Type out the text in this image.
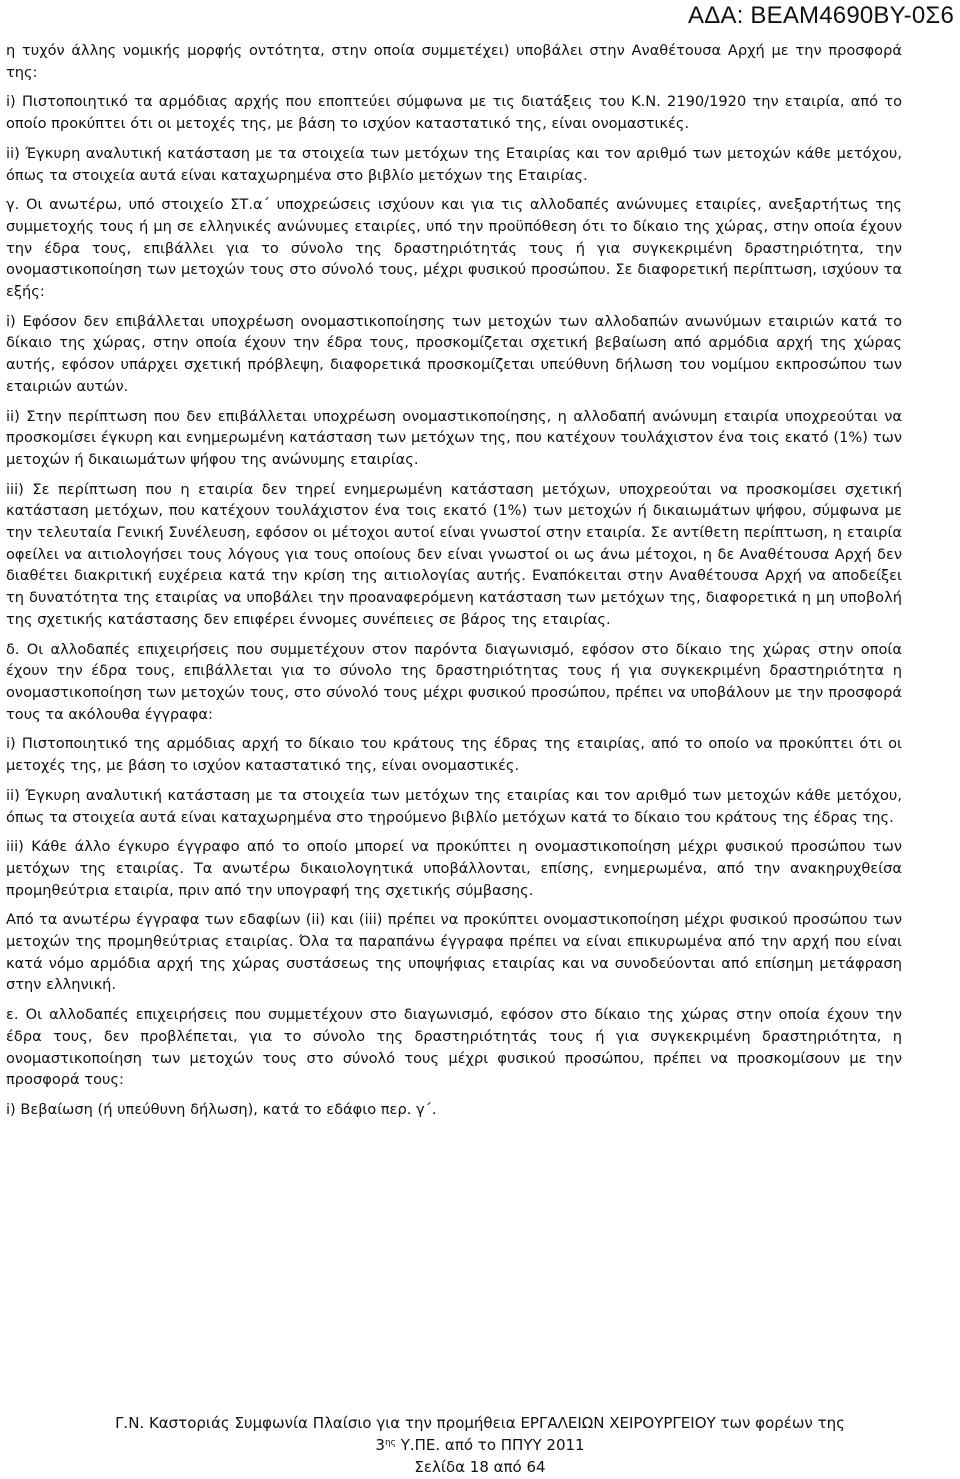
ΑΔΑ: ΒΕΑΜ4690ΒΥ-0Σ6

η τυχόν άλλης νομικής μορφής οντότητα, στην οποία συμμετέχει) υποβάλει στην Αναθέτουσα Αρχή με την προσφορά της:

i) Πιστοποιητικό τα αρμόδιας αρχής που εποπτεύει σύμφωνα με τις διατάξεις του Κ.Ν. 2190/1920 την εταιρία, από το οποίο προκύπτει ότι οι μετοχές της, με βάση το ισχύον καταστατικό της, είναι ονομαστικές.

ii) Έγκυρη αναλυτική κατάσταση με τα στοιχεία των μετόχων της Εταιρίας και τον αριθμό των μετοχών κάθε μετόχου, όπως τα στοιχεία αυτά είναι καταχωρημένα στο βιβλίο μετόχων της Εταιρίας.

γ. Οι ανωτέρω, υπό στοιχείο ΣΤ.α΄ υποχρεώσεις ισχύουν και για τις αλλοδαπές ανώνυμες εταιρίες, ανεξαρτήτως της συμμετοχής τους ή μη σε ελληνικές ανώνυμες εταιρίες, υπό την προϋπόθεση ότι το δίκαιο της χώρας, στην οποία έχουν την έδρα τους, επιβάλλει για το σύνολο της δραστηριότητάς τους ή για συγκεκριμένη δραστηριότητα, την ονομαστικοποίηση των μετοχών τους στο σύνολό τους, μέχρι φυσικού προσώπου. Σε διαφορετική περίπτωση, ισχύουν τα εξής:

i) Εφόσον δεν επιβάλλεται υποχρέωση ονομαστικοποίησης των μετοχών των αλλοδαπών ανωνύμων εταιριών κατά το δίκαιο της χώρας, στην οποία έχουν την έδρα τους, προσκομίζεται σχετική βεβαίωση από αρμόδια αρχή της χώρας αυτής, εφόσον υπάρχει σχετική πρόβλεψη, διαφορετικά προσκομίζεται υπεύθυνη δήλωση του νομίμου εκπροσώπου των εταιριών αυτών.

ii) Στην περίπτωση που δεν επιβάλλεται υποχρέωση ονομαστικοποίησης, η αλλοδαπή ανώνυμη εταιρία υποχρεούται να προσκομίσει έγκυρη και ενημερωμένη κατάσταση των μετόχων της, που κατέχουν τουλάχιστον ένα τοις εκατό (1%) των μετοχών ή δικαιωμάτων ψήφου της ανώνυμης εταιρίας.

iii) Σε περίπτωση που η εταιρία δεν τηρεί ενημερωμένη κατάσταση μετόχων, υποχρεούται να προσκομίσει σχετική κατάσταση μετόχων, που κατέχουν τουλάχιστον ένα τοις εκατό (1%) των μετοχών ή δικαιωμάτων ψήφου, σύμφωνα με την τελευταία Γενική Συνέλευση, εφόσον οι μέτοχοι αυτοί είναι γνωστοί στην εταιρία. Σε αντίθετη περίπτωση, η εταιρία οφείλει να αιτιολογήσει τους λόγους για τους οποίους δεν είναι γνωστοί οι ως άνω μέτοχοι, η δε Αναθέτουσα Αρχή δεν διαθέτει διακριτική ευχέρεια κατά την κρίση της αιτιολογίας αυτής. Εναπόκειται στην Αναθέτουσα Αρχή να αποδείξει τη δυνατότητα της εταιρίας να υποβάλει την προαναφερόμενη κατάσταση των μετόχων της, διαφορετικά η μη υποβολή της σχετικής κατάστασης δεν επιφέρει έννομες συνέπειες σε βάρος της εταιρίας.

δ. Οι αλλοδαπές επιχειρήσεις που συμμετέχουν στον παρόντα διαγωνισμό, εφόσον στο δίκαιο της χώρας στην οποία έχουν την έδρα τους, επιβάλλεται για το σύνολο της δραστηριότητας τους ή για συγκεκριμένη δραστηριότητα η ονομαστικοποίηση των μετοχών τους, στο σύνολό τους μέχρι φυσικού προσώπου, πρέπει να υποβάλουν με την προσφορά τους τα ακόλουθα έγγραφα:

i) Πιστοποιητικό της αρμόδιας αρχή το δίκαιο του κράτους της έδρας της εταιρίας, από το οποίο να προκύπτει ότι οι μετοχές της, με βάση το ισχύον καταστατικό της, είναι ονομαστικές.

ii) Έγκυρη αναλυτική κατάσταση με τα στοιχεία των μετόχων της εταιρίας και τον αριθμό των μετοχών κάθε μετόχου, όπως τα στοιχεία αυτά είναι καταχωρημένα στο τηρούμενο βιβλίο μετόχων κατά το δίκαιο του κράτους της έδρας της.

iii) Κάθε άλλο έγκυρο έγγραφο από το οποίο μπορεί να προκύπτει η ονομαστικοποίηση μέχρι φυσικού προσώπου των μετόχων της εταιρίας. Τα ανωτέρω δικαιολογητικά υποβάλλονται, επίσης, ενημερωμένα, από την ανακηρυχθείσα προμηθεύτρια εταιρία, πριν από την υπογραφή της σχετικής σύμβασης.

Από τα ανωτέρω έγγραφα των εδαφίων (ii) και (iii) πρέπει να προκύπτει ονομαστικοποίηση μέχρι φυσικού προσώπου των μετοχών της προμηθεύτριας εταιρίας. Όλα τα παραπάνω έγγραφα πρέπει να είναι επικυρωμένα από την αρχή που είναι κατά νόμο αρμόδια αρχή της χώρας συστάσεως της υποψήφιας εταιρίας και να συνοδεύονται από επίσημη μετάφραση στην ελληνική.

ε. Οι αλλοδαπές επιχειρήσεις που συμμετέχουν στο διαγωνισμό, εφόσον στο δίκαιο της χώρας στην οποία έχουν την έδρα τους, δεν προβλέπεται, για το σύνολο της δραστηριότητάς τους ή για συγκεκριμένη δραστηριότητα, η ονομαστικοποίηση των μετοχών τους στο σύνολό τους μέχρι φυσικού προσώπου, πρέπει να προσκομίσουν με την προσφορά τους:

i) Βεβαίωση (ή υπεύθυνη δήλωση), κατά το εδάφιο περ. γ΄.

Γ.Ν. Καστοριάς Συμφωνία Πλαίσιο για την προμήθεια ΕΡΓΑΛΕΙΩΝ ΧΕΙΡΟΥΡΓΕΙΟΥ των φορέων της
$3^{\eta\varsigma}$ Υ.ΠΕ. από το ΠΠΥΥ 2011
Σελίδα 18 από 64
